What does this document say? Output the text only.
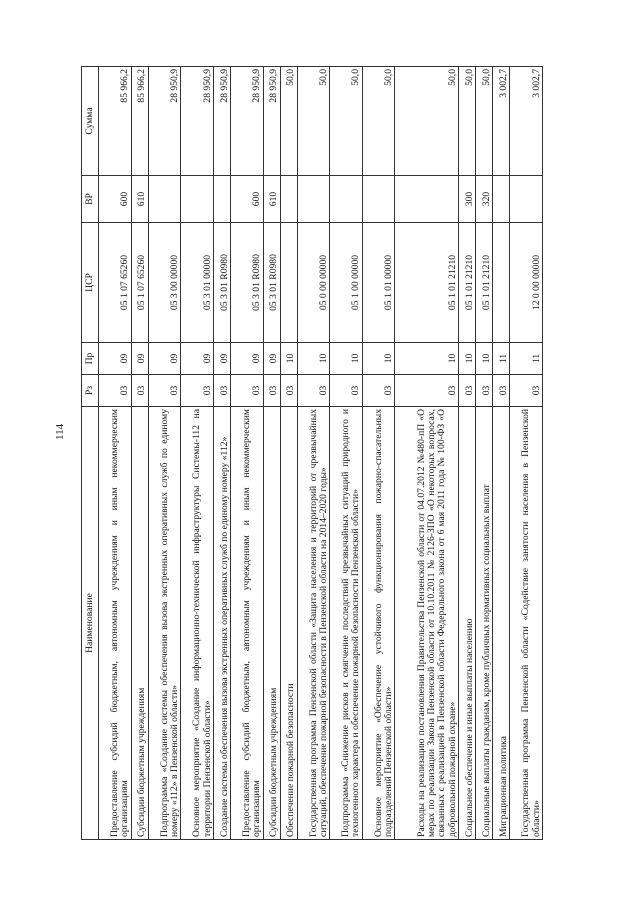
114
Наименование	Рз	Пр	ЦСР	ВР	Сумма
Предоставление субсидий бюджетным, автономным учреждениям и иным некоммерческим организациям	03	09	05 1 07 65260	600	85 966,2
Субсидии бюджетным учреждениям	03	09	05 1 07 65260	610	85 966,2
Подпрограмма «Создание системы обеспечения вызова экстренных оперативных служб по единому номеру «112» в Пензенской области»	03	09	05 3 00 00000		28 950,9
Основное мероприятие «Создание информационно-технической инфраструктуры Системы-112 на территории Пензенской области»	03	09	05 3 01 00000		28 950,9
Создание системы обеспечения вызова экстренных оперативных служб по единому номеру «112»	03	09	05 3 01 R0980		28 950,9
Предоставление субсидий бюджетным, автономным учреждениям и иным некоммерческим организациям	03	09	05 3 01 R0980	600	28 950,9
Субсидии бюджетным учреждениям	03	09	05 3 01 R0980	610	28 950,9
Обеспечение пожарной безопасности	03	10			50,0
Государственная программа Пензенской области «Защита населения и территорий от чрезвычайных ситуаций, обеспечение пожарной безопасности в Пензенской области на 2014–2020 годы»	03	10	05 0 00 00000		50,0
Подпрограмма «Снижение рисков и смягчение последствий чрезвычайных ситуаций природного и техногенного характера и обеспечение пожарной безопасности Пензенской области»	03	10	05 1 00 00000		50,0
Основное мероприятие «Обеспечение устойчивого функционирования пожарно-спасательных подразделений Пензенской области»	03	10	05 1 01 00000		50,0
Расходы на реализацию постановления Правительства Пензенской области от 04.07.2012 №480-пП «О мерах по реализации Закона Пензенской области от 10.10.2011 № 2126-ЗПО «О некоторых вопросах, связанных с реализацией в Пензенской области Федерального закона от 6 мая 2011 года № 100-ФЗ «О добровольной пожарной охране»	03	10	05 1 01 21210		50,0
Социальное обеспечение и иные выплаты населению	03	10	05 1 01 21210	300	50,0
Социальные выплаты гражданам, кроме публичных нормативных социальных выплат	03	10	05 1 01 21210	320	50,0
Миграционная политика	03	11			3 002,7
Государственная программа Пензенской области «Содействие занятости населения в Пензенской области»	03	11	12 0 00 00000		3 002,7
